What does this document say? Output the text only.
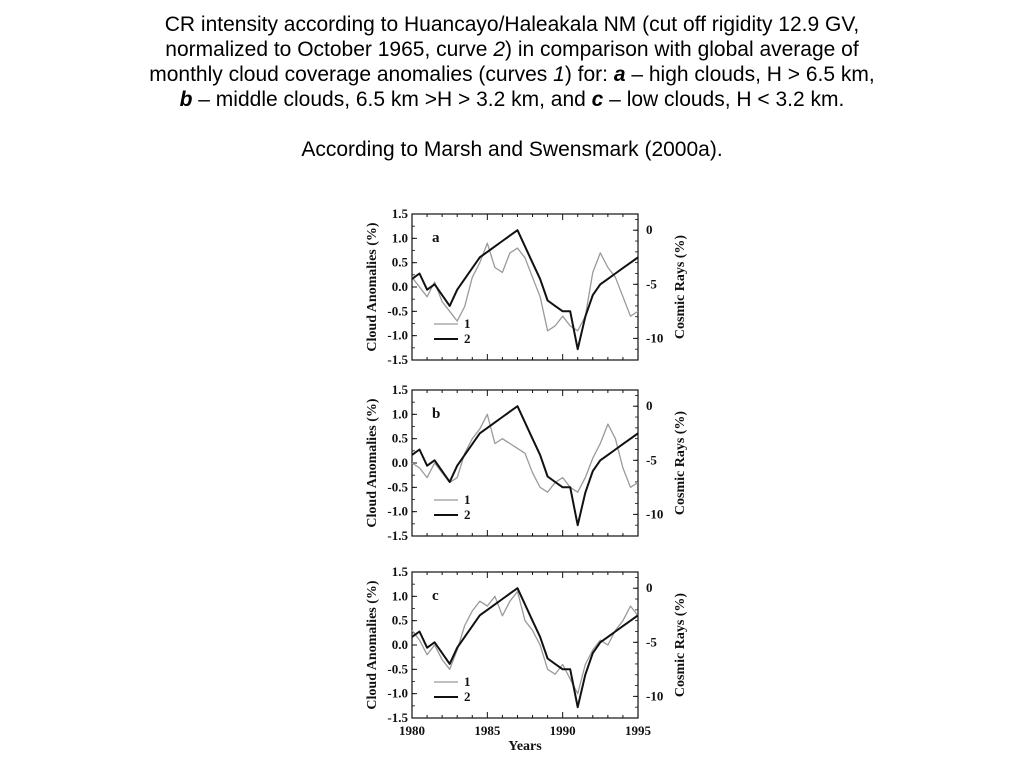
CR intensity according to Huancayo/Haleakala NM (cut off rigidity 12.9 GV,
normalized to October 1965, curve 2) in comparison with global average of
monthly cloud coverage anomalies (curves 1) for: a – high clouds, H > 6.5 km,
b – middle clouds, 6.5 km >H > 3.2 km, and c – low clouds, H < 3.2 km.
According to Marsh and Swensmark (2000a).
1.5
1.0
0.5
0.0
-0.5
-1.0
-1.5
0
-5
-10
Cloud Anomalies (%)	Cosmic Rays (%)
a
1
2
1.5
1.0
0.5
0.0
-0.5
-1.0
-1.5
0
-5
-10
Cloud Anomalies (%)	Cosmic Rays (%)
b
1
2
1.5
1.0
0.5
0.0
-0.5
-1.0
-1.5
0
-5
-10
Cloud Anomalies (%)	Cosmic Rays (%)
c
1
2
1980	1985	1990	1995
Years
